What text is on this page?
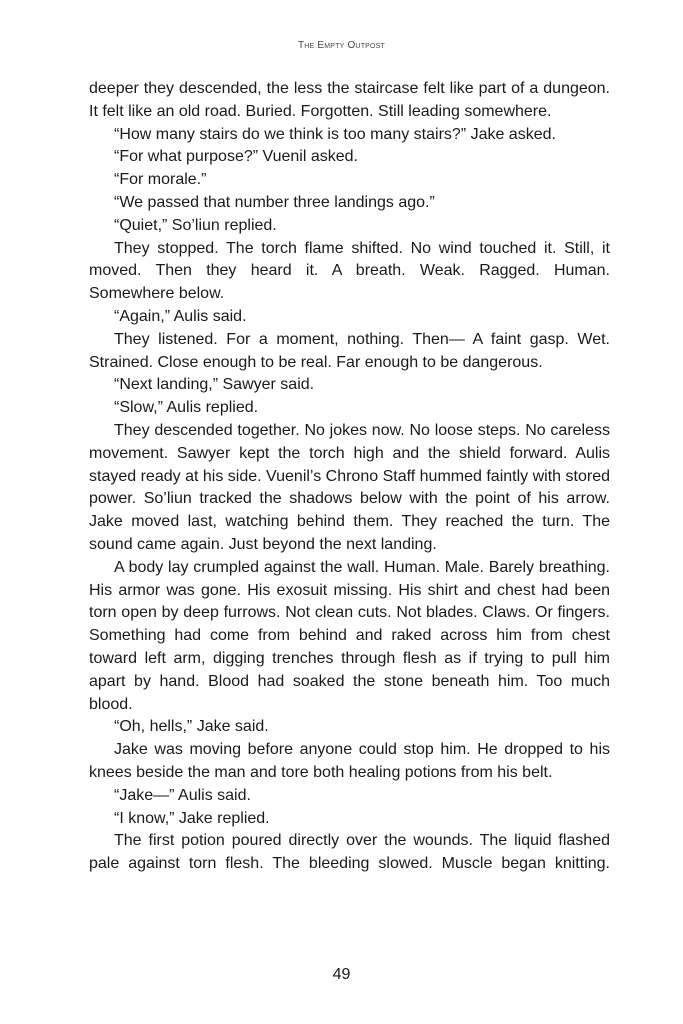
The Empty Outpost

deeper they descended, the less the staircase felt like part of a dungeon. It felt like an old road. Buried. Forgotten. Still leading somewhere.

“How many stairs do we think is too many stairs?” Jake asked.

“For what purpose?” Vuenil asked.

“For morale.”

“We passed that number three landings ago.”

“Quiet,” So’liun replied.

They stopped. The torch flame shifted. No wind touched it. Still, it moved. Then they heard it. A breath. Weak. Ragged. Human. Somewhere below.

“Again,” Aulis said.

They listened. For a moment, nothing. Then— A faint gasp. Wet. Strained. Close enough to be real. Far enough to be dangerous.

“Next landing,” Sawyer said.

“Slow,” Aulis replied.

They descended together. No jokes now. No loose steps. No careless movement. Sawyer kept the torch high and the shield forward. Aulis stayed ready at his side. Vuenil’s Chrono Staff hummed faintly with stored power. So’liun tracked the shadows below with the point of his arrow. Jake moved last, watching behind them. They reached the turn. The sound came again. Just beyond the next landing.

A body lay crumpled against the wall. Human. Male. Barely breathing. His armor was gone. His exosuit missing. His shirt and chest had been torn open by deep furrows. Not clean cuts. Not blades. Claws. Or fingers. Something had come from behind and raked across him from chest toward left arm, digging trenches through flesh as if trying to pull him apart by hand. Blood had soaked the stone beneath him. Too much blood.

“Oh, hells,” Jake said.

Jake was moving before anyone could stop him. He dropped to his knees beside the man and tore both healing potions from his belt.

“Jake—” Aulis said.

“I know,” Jake replied.

The first potion poured directly over the wounds. The liquid flashed pale against torn flesh. The bleeding slowed. Muscle began knitting.

49
